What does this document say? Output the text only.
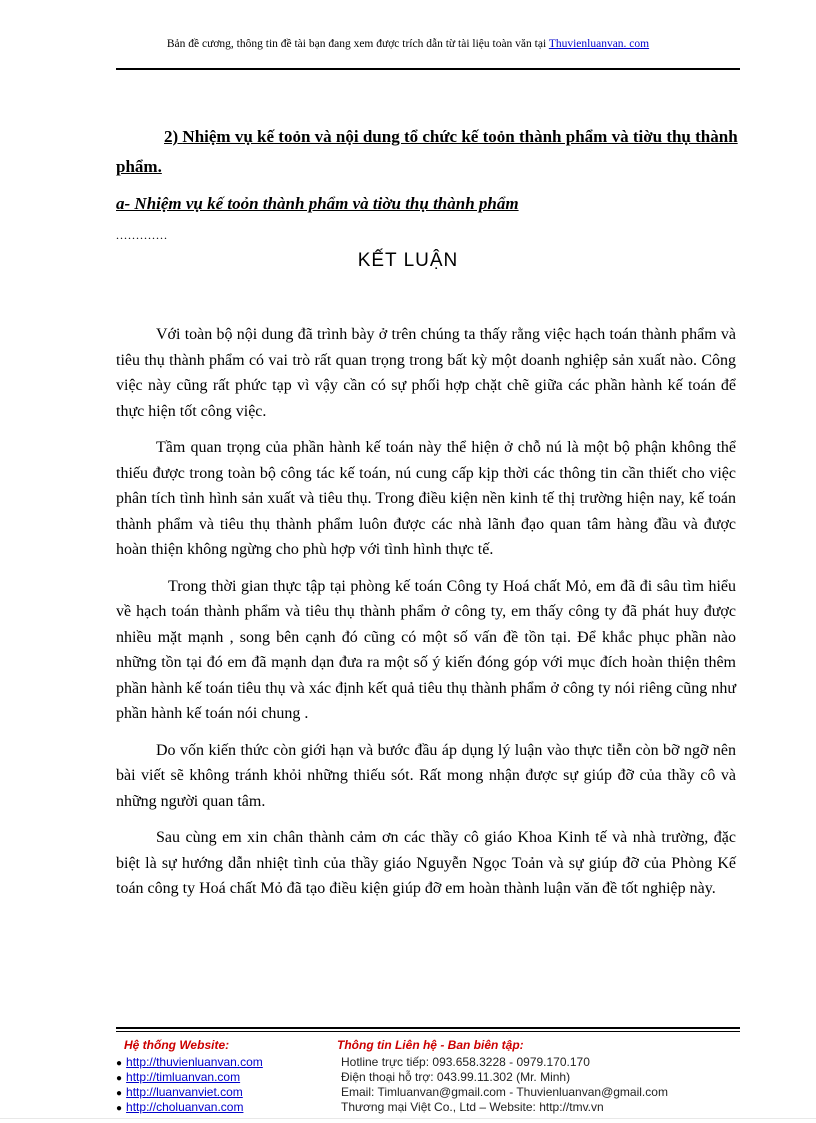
Bản đề cương, thông tin đề tài bạn đang xem được trích dẫn từ tài liệu toàn văn tại Thuvienluanvan. com
2) Nhiệm vụ kế toỏn và nội dung tổ chức kế toỏn thành phẩm và tiờu thụ thành phẩm.
a- Nhiệm vụ kế toỏn thành phẩm và tiờu thụ thành phẩm
.............
KẾT LUẬN

Với toàn bộ nội dung đã trình bày ở trên chúng ta thấy rằng việc hạch toán thành phẩm và tiêu thụ thành phẩm có vai trò rất quan trọng trong bất kỳ một doanh nghiệp sản xuất nào. Công việc này cũng rất phức tạp vì vậy cần có sự phối hợp chặt chẽ giữa các phần hành kế toán để thực hiện tốt công việc.

Tầm quan trọng của phần hành kế toán này thể hiện ở chỗ nú là một bộ phận không thể thiếu được trong toàn bộ công tác kế toán, nú cung cấp kịp thời các thông tin cần thiết cho việc phân tích tình hình sản xuất và tiêu thụ. Trong điều kiện nền kinh tế thị trường hiện nay, kế toán thành phẩm và tiêu thụ thành phẩm luôn được các nhà lãnh đạo quan tâm hàng đầu và được hoàn thiện không ngừng cho phù hợp với tình hình thực tế.

Trong thời gian thực tập tại phòng kế toán Công ty Hoá chất Mỏ, em đã đi sâu tìm hiểu về hạch toán thành phẩm và tiêu thụ thành phẩm ở công ty, em thấy công ty đã phát huy được nhiều mặt mạnh , song bên cạnh đó cũng có một số vấn đề tồn tại. Để khắc phục phần nào những tồn tại đó em đã mạnh dạn đưa ra một số ý kiến đóng góp với mục đích hoàn thiện thêm phần hành kế toán tiêu thụ và xác định kết quả tiêu thụ thành phẩm ở công ty nói riêng cũng như phần hành kế toán nói chung .

Do vốn kiến thức còn giới hạn và bước đầu áp dụng lý luận vào thực tiễn còn bỡ ngỡ nên bài viết sẽ không tránh khỏi những thiếu sót. Rất mong nhận được sự giúp đỡ của thầy cô và những người quan tâm.

Sau cùng em xin chân thành cảm ơn các thầy cô giáo Khoa Kinh tế và nhà trường, đặc biệt là sự hướng dẫn nhiệt tình của thầy giáo Nguyễn Ngọc Toản và sự giúp đỡ của Phòng Kế toán công ty Hoá chất Mỏ đã tạo điều kiện giúp đỡ em hoàn thành luận văn đề tốt nghiệp này.

Hệ thống Website:	Thông tin Liên hệ - Ban biên tập:
● http://thuvienluanvan.com
● http://timluanvan.com
● http://luanvanviet.com
● http://choluanvan.com
Hotline trực tiếp: 093.658.3228 - 0979.170.170
Điện thoại hỗ trợ: 043.99.11.302 (Mr. Minh)
Email: Timluanvan@gmail.com - Thuvienluanvan@gmail.com
Thương mại Việt Co., Ltd – Website: http://tmv.vn
